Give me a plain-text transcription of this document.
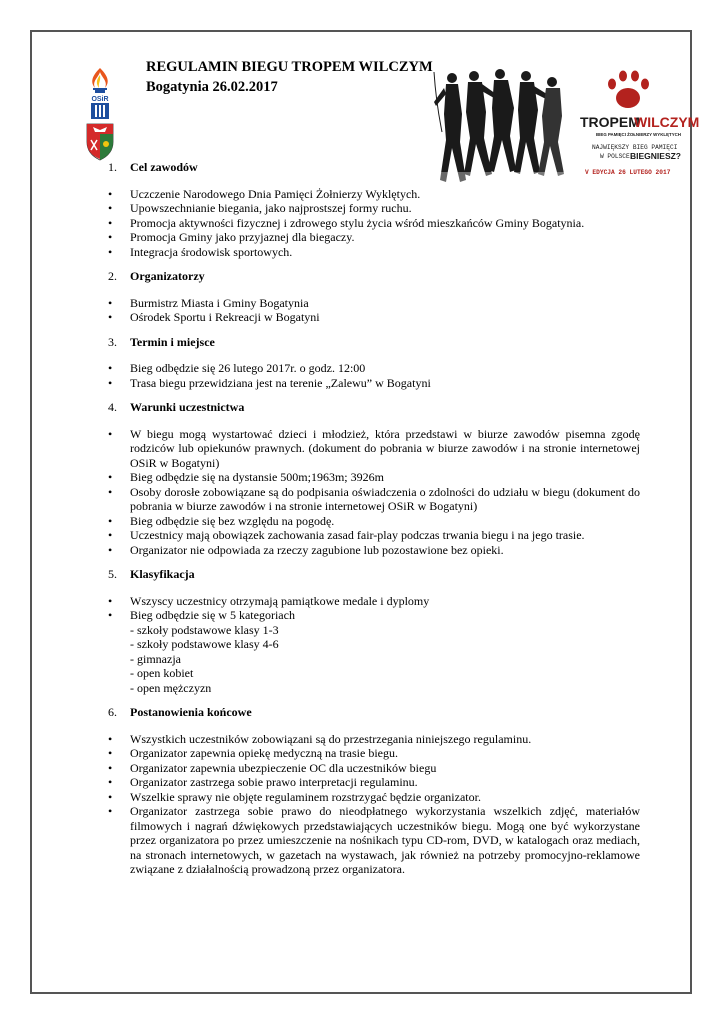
OSiR
TROPEM
WILCZYM
BIEG PAMIĘCI ŻOŁNIERZY WYKLĘTYCH
NAJWIĘKSZY BIEG PAMIĘCI
W POLSCE.
BIEGNIESZ?
V EDYCJA 26 LUTEGO 2017
REGULAMIN BIEGU TROPEM WILCZYM
Bogatynia 26.02.2017
1.	Cel zawodów
• Uczczenie Narodowego Dnia Pamięci Żołnierzy Wyklętych.
• Upowszechnianie biegania, jako najprostszej formy ruchu.
• Promocja aktywności fizycznej i zdrowego stylu życia wśród mieszkańców Gminy Bogatynia.
• Promocja Gminy jako przyjaznej dla biegaczy.
• Integracja środowisk sportowych.
2.	Organizatorzy
• Burmistrz Miasta i Gminy Bogatynia
• Ośrodek Sportu i Rekreacji w Bogatyni
3.	Termin i miejsce
• Bieg odbędzie się 26 lutego 2017r. o godz. 12:00
• Trasa biegu przewidziana jest na terenie „Zalewu” w Bogatyni
4.	Warunki uczestnictwa
• W biegu mogą wystartować dzieci i młodzież, która przedstawi w biurze zawodów pisemna zgodę rodziców lub opiekunów prawnych. (dokument do pobrania w biurze zawodów i na stronie internetowej OSiR w Bogatyni)
• Bieg odbędzie się na dystansie 500m;1963m; 3926m
• Osoby dorosłe zobowiązane są do podpisania oświadczenia o zdolności do udziału w biegu (dokument do pobrania w biurze zawodów i na stronie internetowej OSiR w Bogatyni)
• Bieg odbędzie się bez względu na pogodę.
• Uczestnicy mają obowiązek zachowania zasad fair-play podczas trwania biegu i na jego trasie.
• Organizator nie odpowiada za rzeczy zagubione lub pozostawione bez opieki.
5.	Klasyfikacja
• Wszyscy uczestnicy otrzymają pamiątkowe medale i dyplomy
• Bieg odbędzie się w 5 kategoriach
- szkoły podstawowe klasy 1-3
- szkoły podstawowe klasy 4-6
- gimnazja
- open kobiet
- open mężczyzn
6.	Postanowienia końcowe
• Wszystkich uczestników zobowiązani są do przestrzegania niniejszego regulaminu.
• Organizator zapewnia opiekę medyczną na trasie biegu.
• Organizator zapewnia ubezpieczenie OC dla uczestników biegu
• Organizator zastrzega sobie prawo interpretacji regulaminu.
• Wszelkie sprawy nie objęte regulaminem rozstrzygać będzie organizator.
• Organizator zastrzega sobie prawo do nieodpłatnego wykorzystania wszelkich zdjęć, materiałów filmowych i nagrań dźwiękowych przedstawiających uczestników biegu. Mogą one być wykorzystane przez organizatora po przez umieszczenie na nośnikach typu CD-rom, DVD, w katalogach oraz mediach, na stronach internetowych, w gazetach na wystawach, jak również na potrzeby promocyjno-reklamowe związane z działalnością prowadzoną przez organizatora.
